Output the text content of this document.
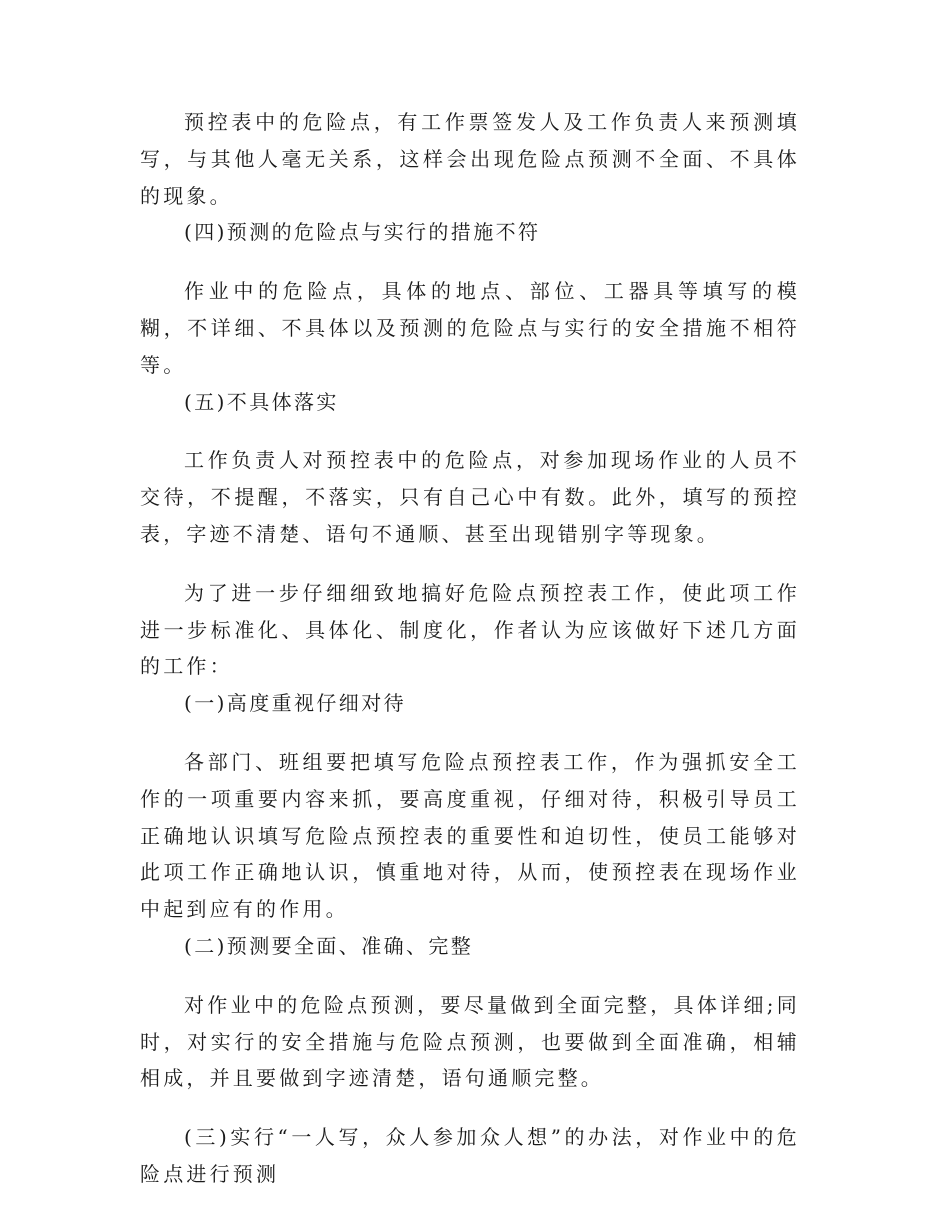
预控表中的危险点，有工作票签发人及工作负责人来预测填写，与其他人毫无关系，这样会出现危险点预测不全面、不具体的现象。

(四)预测的危险点与实行的措施不符

作业中的危险点，具体的地点、部位、工器具等填写的模糊，不详细、不具体以及预测的危险点与实行的安全措施不相符等。

(五)不具体落实

工作负责人对预控表中的危险点，对参加现场作业的人员不交待，不提醒，不落实，只有自己心中有数。此外，填写的预控表，字迹不清楚、语句不通顺、甚至出现错别字等现象。

为了进一步仔细细致地搞好危险点预控表工作，使此项工作进一步标准化、具体化、制度化，作者认为应该做好下述几方面的工作：

(一)高度重视仔细对待

各部门、班组要把填写危险点预控表工作，作为强抓安全工作的一项重要内容来抓，要高度重视，仔细对待，积极引导员工正确地认识填写危险点预控表的重要性和迫切性，使员工能够对此项工作正确地认识，慎重地对待，从而，使预控表在现场作业中起到应有的作用。

(二)预测要全面、准确、完整

对作业中的危险点预测，要尽量做到全面完整，具体详细;同时，对实行的安全措施与危险点预测，也要做到全面准确，相辅相成，并且要做到字迹清楚，语句通顺完整。

(三)实行“一人写，众人参加众人想”的办法，对作业中的危险点进行预测
